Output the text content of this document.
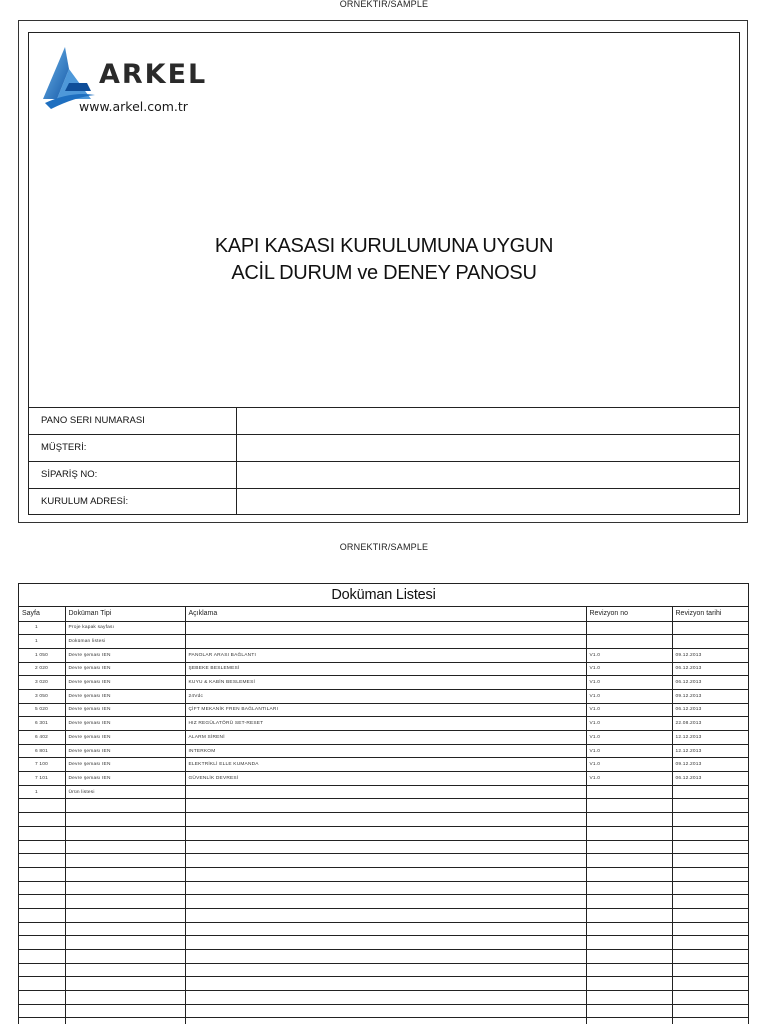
ORNEKTIR/SAMPLE
ARKEL
www.arkel.com.tr
KAPI KASASI KURULUMUNA UYGUN
ACİL DURUM ve DENEY PANOSU
PANO SERI NUMARASI	
MÜŞTERİ:	
SİPARİŞ NO:	
KURULUM ADRESİ:	
ORNEKTIR/SAMPLE
Doküman Listesi
Sayfa	Doküman Tipi	Açıklama	Revizyon no	Revizyon tarihi
1	Proje kapak sayfası			
1	Doküman listesi			
1 050	Devre şeması IEN	PANOLAR ARASI BAĞLANTI	V1.0	09.12.2013
2 020	Devre şeması IEN	ŞEBEKE BESLEMESİ	V1.0	06.12.2013
3 020	Devre şeması IEN	KUYU & KABİN BESLEMESİ	V1.0	06.12.2013
3 050	Devre şeması IEN	24Vdc	V1.0	09.12.2013
5 020	Devre şeması IEN	ÇİFT MEKANİK FREN BAĞLANTILARI	V1.0	06.12.2013
6 301	Devre şeması IEN	HIZ REGÜLATÖRÜ SET-RESET	V1.0	22.08.2013
6 402	Devre şeması IEN	ALARM SİRENİ	V1.0	12.12.2013
6 801	Devre şeması IEN	INTERKOM	V1.0	12.12.2013
7 100	Devre şeması IEN	ELEKTRİKLİ ELLE KUMANDA	V1.0	09.12.2013
7 101	Devre şeması IEN	GÜVENLİK DEVRESİ	V1.0	06.12.2013
1	Ürün listesi			
